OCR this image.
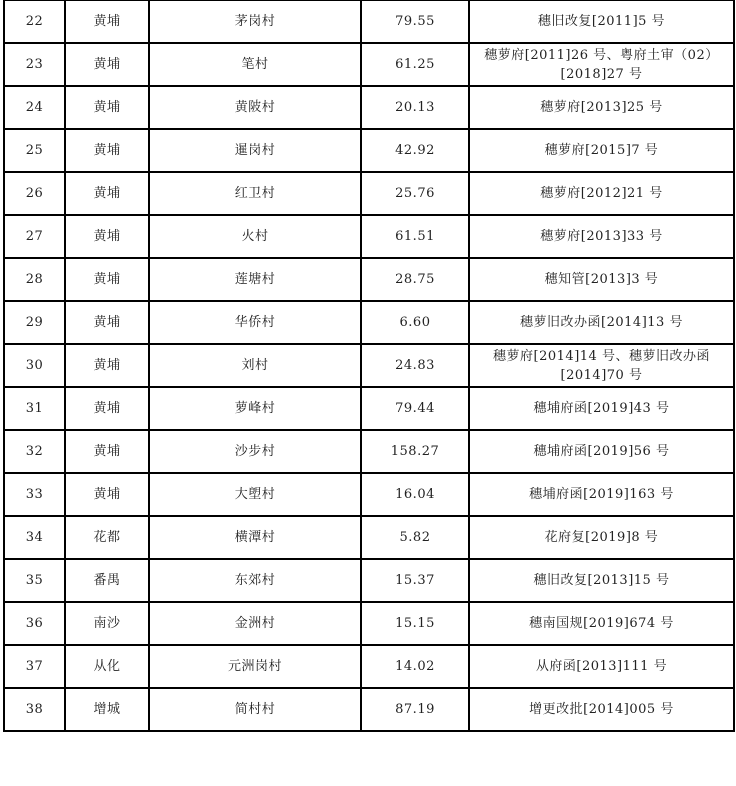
22	黄埔	茅岗村	79.55	穗旧改复[2011]5 号
23	黄埔	笔村	61.25	穗萝府[2011]26 号、粤府土审（02）[2018]27 号
24	黄埔	黄陂村	20.13	穗萝府[2013]25 号
25	黄埔	暹岗村	42.92	穗萝府[2015]7 号
26	黄埔	红卫村	25.76	穗萝府[2012]21 号
27	黄埔	火村	61.51	穗萝府[2013]33 号
28	黄埔	莲塘村	28.75	穗知管[2013]3 号
29	黄埔	华侨村	6.60	穗萝旧改办函[2014]13 号
30	黄埔	刘村	24.83	穗萝府[2014]14 号、穗萝旧改办函[2014]70 号
31	黄埔	萝峰村	79.44	穗埔府函[2019]43 号
32	黄埔	沙步村	158.27	穗埔府函[2019]56 号
33	黄埔	大塱村	16.04	穗埔府函[2019]163 号
34	花都	横潭村	5.82	花府复[2019]8 号
35	番禺	东郊村	15.37	穗旧改复[2013]15 号
36	南沙	金洲村	15.15	穗南国规[2019]674 号
37	从化	元洲岗村	14.02	从府函[2013]111 号
38	增城	简村村	87.19	增更改批[2014]005 号
